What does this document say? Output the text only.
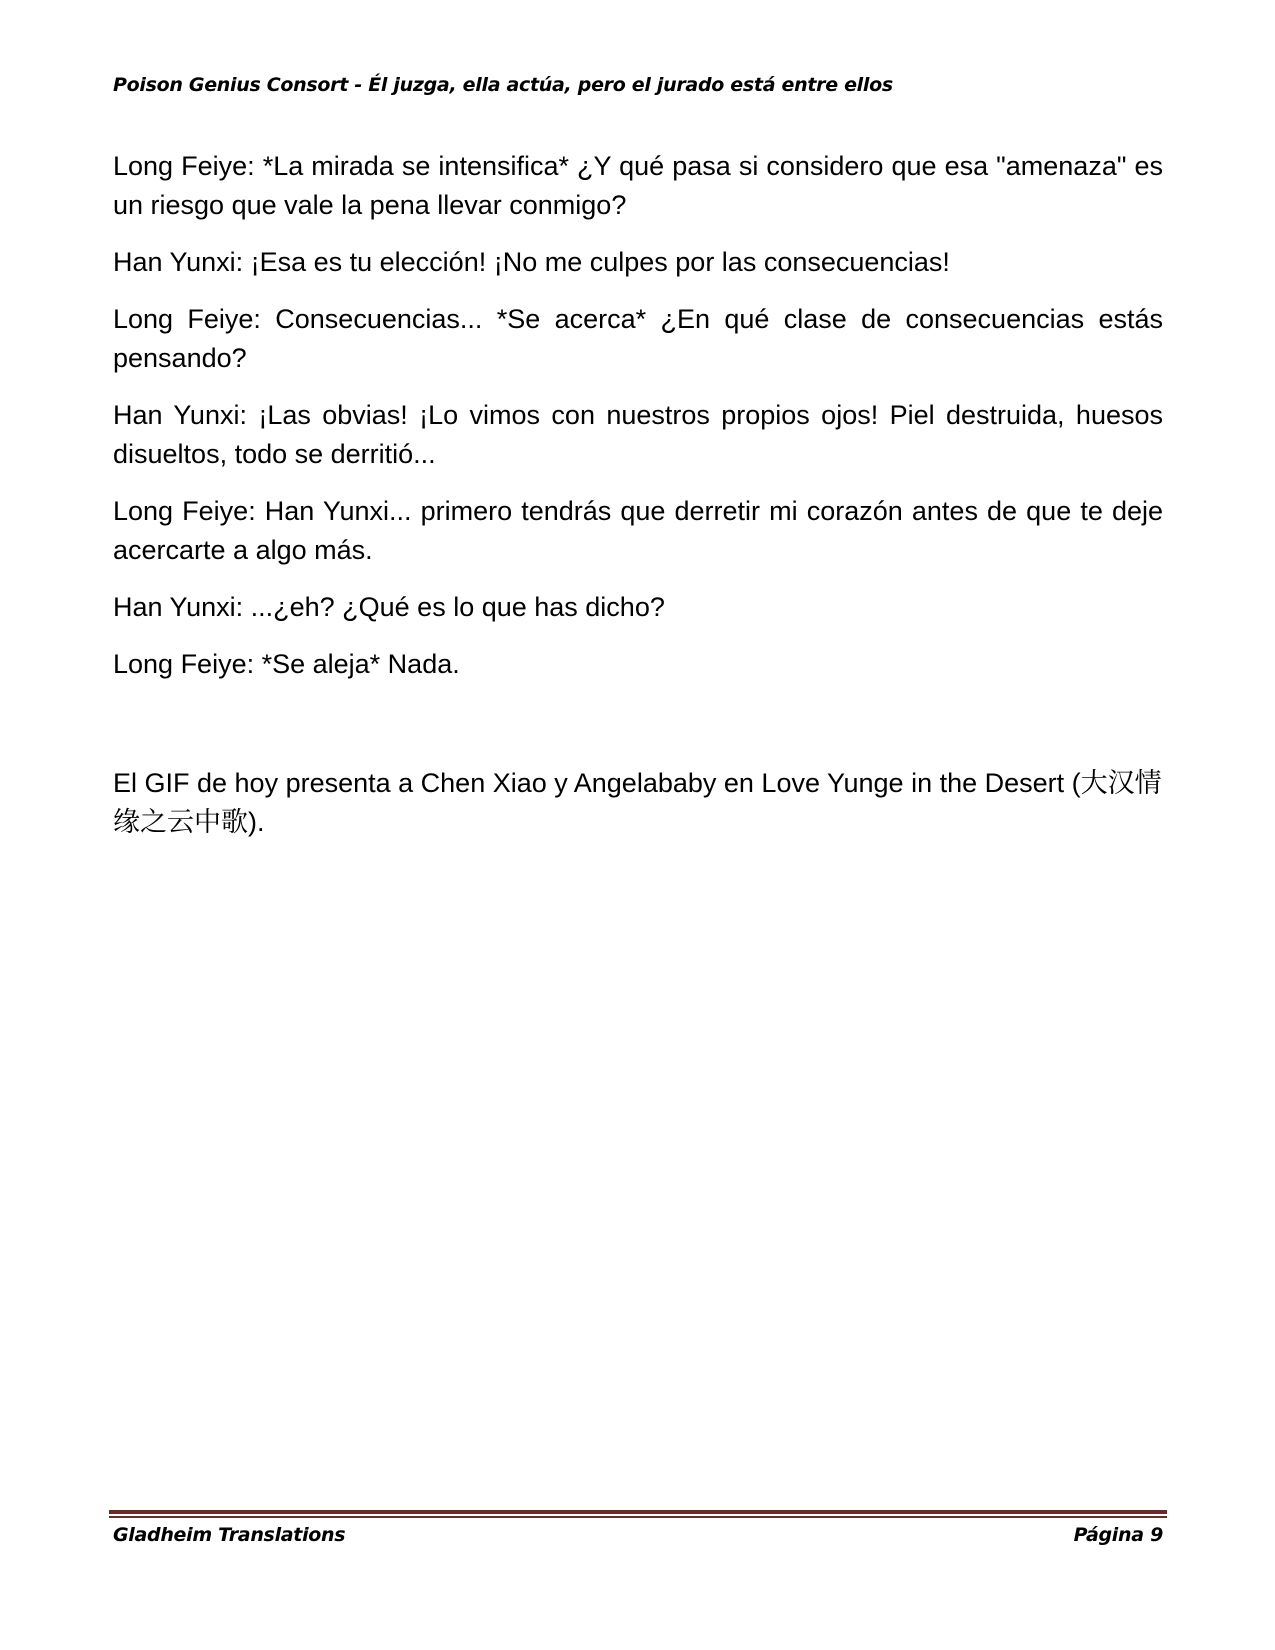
Poison Genius Consort - Él juzga, ella actúa, pero el jurado está entre ellos

Long Feiye: *La mirada se intensifica* ¿Y qué pasa si considero que esa "amenaza" es un riesgo que vale la pena llevar conmigo?

Han Yunxi: ¡Esa es tu elección! ¡No me culpes por las consecuencias!

Long Feiye: Consecuencias... *Se acerca* ¿En qué clase de consecuencias estás pensando?

Han Yunxi: ¡Las obvias! ¡Lo vimos con nuestros propios ojos! Piel destruida, huesos disueltos, todo se derritió...

Long Feiye: Han Yunxi... primero tendrás que derretir mi corazón antes de que te deje acercarte a algo más.

Han Yunxi: ...¿eh? ¿Qué es lo que has dicho?

Long Feiye: *Se aleja* Nada.

El GIF de hoy presenta a Chen Xiao y Angelababy en Love Yunge in the Desert (大汉情缘之云中歌).

Gladheim Translations	Página 9
